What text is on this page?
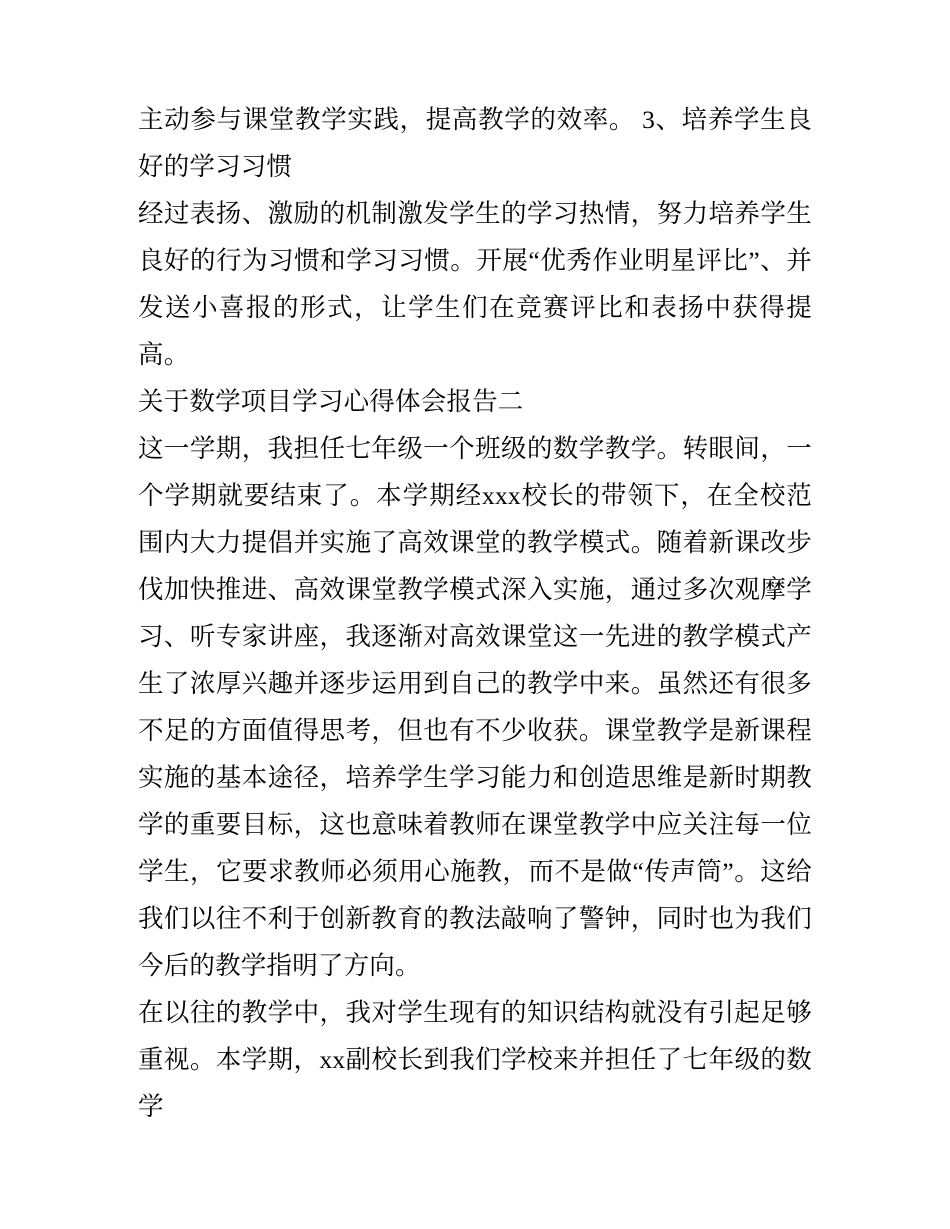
主动参与课堂教学实践，提高教学的效率。 3、培养学生良好的学习习惯

经过表扬、激励的机制激发学生的学习热情，努力培养学生良好的行为习惯和学习习惯。开展“优秀作业明星评比”、并发送小喜报的形式，让学生们在竞赛评比和表扬中获得提高。

关于数学项目学习心得体会报告二

这一学期，我担任七年级一个班级的数学教学。转眼间，一个学期就要结束了。本学期经xxx校长的带领下，在全校范围内大力提倡并实施了高效课堂的教学模式。随着新课改步伐加快推进、高效课堂教学模式深入实施，通过多次观摩学习、听专家讲座，我逐渐对高效课堂这一先进的教学模式产生了浓厚兴趣并逐步运用到自己的教学中来。虽然还有很多不足的方面值得思考，但也有不少收获。课堂教学是新课程实施的基本途径，培养学生学习能力和创造思维是新时期教学的重要目标，这也意味着教师在课堂教学中应关注每一位学生，它要求教师必须用心施教，而不是做“传声筒”。这给我们以往不利于创新教育的教法敲响了警钟，同时也为我们今后的教学指明了方向。

在以往的教学中，我对学生现有的知识结构就没有引起足够重视。本学期，xx副校长到我们学校来并担任了七年级的数学
